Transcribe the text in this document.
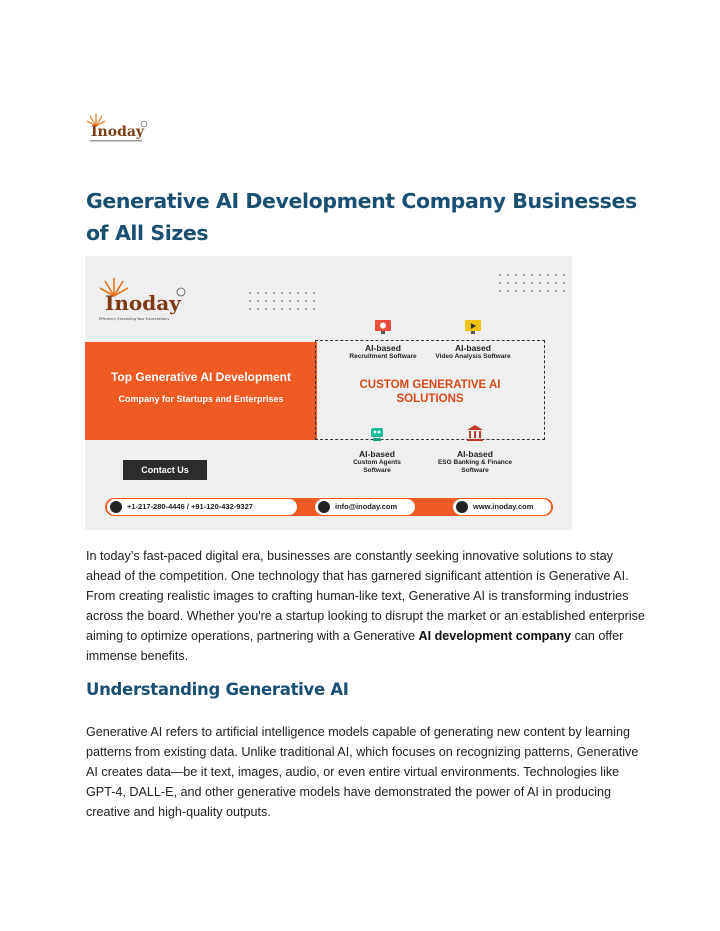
Inoday
Generative AI Development Company Businesses of All Sizes
Inoday
Efficiency Exceeding Your Expectations
Top Generative AI Development
Company for Startups and Enterprises
AI-based
Recruitment Software
AI-based
Video Analysis Software
CUSTOM GENERATIVE AI
SOLUTIONS
AI-based
Custom Agents
Software
AI-based
ESG Banking & Finance
Software
Contact Us
+1-217-280-4446 / +91-120-432-9327	info@inoday.com	www.inoday.com

In today’s fast-paced digital era, businesses are constantly seeking innovative solutions to stay ahead of the competition. One technology that has garnered significant attention is Generative AI. From creating realistic images to crafting human-like text, Generative AI is transforming industries across the board. Whether you're a startup looking to disrupt the market or an established enterprise aiming to optimize operations, partnering with a Generative AI development company can offer immense benefits.

Understanding Generative AI

Generative AI refers to artificial intelligence models capable of generating new content by learning patterns from existing data. Unlike traditional AI, which focuses on recognizing patterns, Generative AI creates data—be it text, images, audio, or even entire virtual environments. Technologies like GPT-4, DALL-E, and other generative models have demonstrated the power of AI in producing creative and high-quality outputs.
